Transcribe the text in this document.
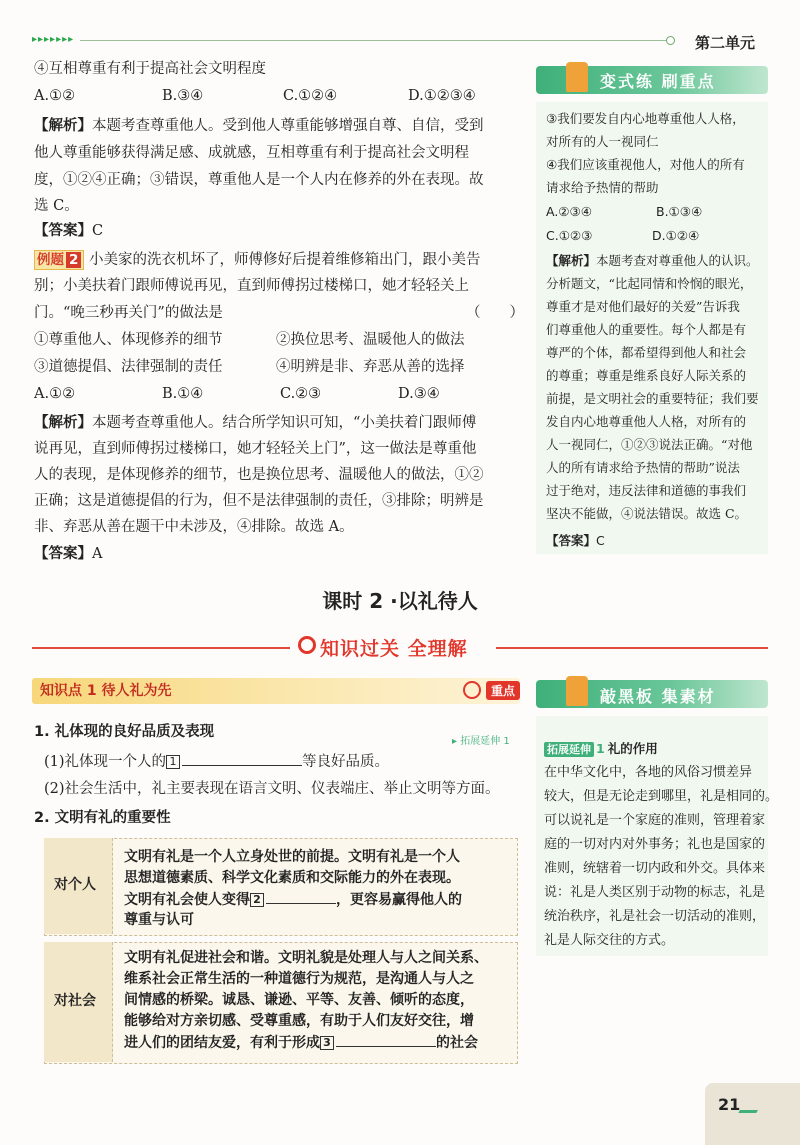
▸▸▸▸▸▸▸	第二单元
④互相尊重有利于提高社会文明程度
A.①②	B.③④	C.①②④	D.①②③④
【解析】本题考查尊重他人。受到他人尊重能够增强自尊、自信，受到
他人尊重能够获得满足感、成就感，互相尊重有利于提高社会文明程
度，①②④正确；③错误，尊重他人是一个人内在修养的外在表现。故
选 C。
【答案】C
例题 2 小美家的洗衣机坏了，师傅修好后提着维修箱出门，跟小美告
别；小美扶着门跟师傅说再见，直到师傅拐过楼梯口，她才轻轻关上
门。“晚三秒再关门”的做法是	（　　）
①尊重他人、体现修养的细节	②换位思考、温暖他人的做法
③道德提倡、法律强制的责任	④明辨是非、弃恶从善的选择
A.①②	B.①④	C.②③	D.③④
【解析】本题考查尊重他人。结合所学知识可知，“小美扶着门跟师傅
说再见，直到师傅拐过楼梯口，她才轻轻关上门”，这一做法是尊重他
人的表现，是体现修养的细节，也是换位思考、温暖他人的做法，①②
正确；这是道德提倡的行为，但不是法律强制的责任，③排除；明辨是
非、弃恶从善在题干中未涉及，④排除。故选 A。
【答案】A
变式练 刷重点
③我们要发自内心地尊重他人人格，
对所有的人一视同仁
④我们应该重视他人，对他人的所有
请求给予热情的帮助
A.②③④	B.①③④
C.①②③	D.①②④
【解析】本题考查对尊重他人的认识。
分析题文，“比起同情和怜悯的眼光，
尊重才是对他们最好的关爱”告诉我
们尊重他人的重要性。每个人都是有
尊严的个体，都希望得到他人和社会
的尊重；尊重是维系良好人际关系的
前提，是文明社会的重要特征；我们要
发自内心地尊重他人人格，对所有的
人一视同仁，①②③说法正确。“对他
人的所有请求给予热情的帮助”说法
过于绝对，违反法律和道德的事我们
坚决不能做，④说法错误。故选 C。
【答案】C
课时 2 ·以礼待人
知识过关 全理解
知识点 1 待人礼为先	重点
1. 礼体现的良好品质及表现
▸ 拓展延伸 1
(1)礼体现一个人的 1	等良好品质。
(2)社会生活中，礼主要表现在语言文明、仪表端庄、举止文明等方面。
2. 文明有礼的重要性
对个人
文明有礼是一个人立身处世的前提。文明有礼是一个人
思想道德素质、科学文化素质和交际能力的外在表现。
文明有礼会使人变得 2	，更容易赢得他人的
尊重与认可
对社会
文明有礼促进社会和谐。文明礼貌是处理人与人之间关系、
维系社会正常生活的一种道德行为规范，是沟通人与人之
间情感的桥梁。诚恳、谦逊、平等、友善、倾听的态度，
能够给对方亲切感、受尊重感，有助于人们友好交往，增
进人们的团结友爱，有利于形成 3	的社会
敲黑板 集素材
拓展延伸 1 礼的作用
在中华文化中，各地的风俗习惯差异
较大，但是无论走到哪里，礼是相同的。
可以说礼是一个家庭的准则，管理着家
庭的一切对内对外事务；礼也是国家的
准则，统辖着一切内政和外交。具体来
说：礼是人类区别于动物的标志，礼是
统治秩序，礼是社会一切活动的准则，
礼是人际交往的方式。
21
